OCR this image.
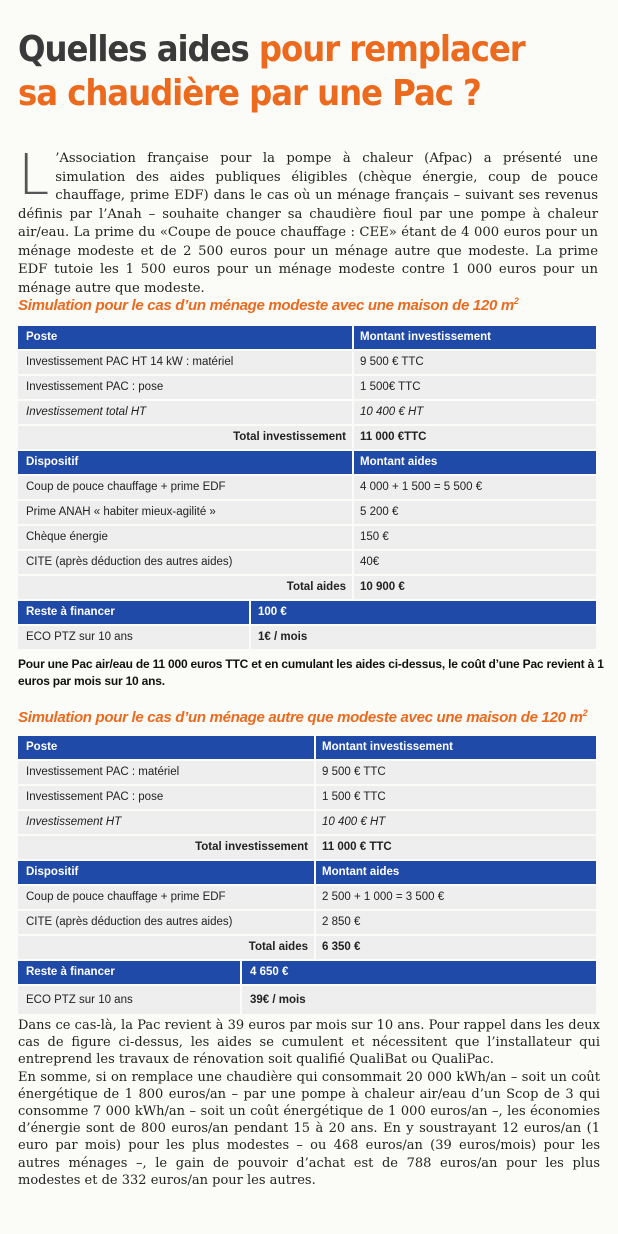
Quelles aides pour remplacer
sa chaudière par une Pac ?
L ’Association française pour la pompe à chaleur (Afpac) a présenté une simulation des aides publiques éligibles (chèque énergie, coup de pouce chauffage, prime EDF) dans le cas où un ménage français – suivant ses revenus définis par l’Anah – souhaite changer sa chaudière fioul par une pompe à chaleur air/eau. La prime du «Coupe de pouce chauffage : CEE» étant de 4 000 euros pour un ménage modeste et de 2 500 euros pour un ménage autre que modeste. La prime EDF tutoie les 1 500 euros pour un ménage modeste contre 1 000 euros pour un ménage autre que modeste.
Simulation pour le cas d’un ménage modeste avec une maison de 120 $m^2$
Poste	Montant investissement
Investissement PAC HT 14 kW : matériel	9 500 € TTC
Investissement PAC : pose	1 500€ TTC
Investissement total HT	10 400 € HT
Total investissement 11 000 €TTC
Dispositif	Montant aides
Coup de pouce chauffage + prime EDF	4 000 + 1 500 = 5 500 €
Prime ANAH « habiter mieux-agilité »	5 200 €
Chèque énergie	150 €
CITE (après déduction des autres aides)	40€
Total aides 10 900 €
Reste à financer	100 €
ECO PTZ sur 10 ans	1€ / mois
Pour une Pac air/eau de 11 000 euros TTC et en cumulant les aides ci-dessus, le coût d’une Pac revient à 1 euros par mois sur 10 ans.
Simulation pour le cas d’un ménage autre que modeste avec une maison de 120 $m^2$
Poste	Montant investissement
Investissement PAC : matériel	9 500 € TTC
Investissement PAC : pose	1 500 € TTC
Investissement HT	10 400 € HT
Total investissement 11 000 € TTC
Dispositif	Montant aides
Coup de pouce chauffage + prime EDF	2 500 + 1 000 = 3 500 €
CITE (après déduction des autres aides)	2 850 €
Total aides 6 350 €
Reste à financer	4 650 €
ECO PTZ sur 10 ans	39€ / mois

Dans ce cas-là, la Pac revient à 39 euros par mois sur 10 ans. Pour rappel dans les deux cas de figure ci-dessus, les aides se cumulent et nécessitent que l’installateur qui entreprend les travaux de rénovation soit qualifié QualiBat ou QualiPac.

En somme, si on remplace une chaudière qui consommait 20 000 kWh/an – soit un coût énergétique de 1 800 euros/an – par une pompe à chaleur air/eau d’un Scop de 3 qui consomme 7 000 kWh/an – soit un coût énergétique de 1 000 euros/an –, les économies d’énergie sont de 800 euros/an pendant 15 à 20 ans. En y soustrayant 12 euros/an (1 euro par mois) pour les plus modestes – ou 468 euros/an (39 euros/mois) pour les autres ménages –, le gain de pouvoir d’achat est de 788 euros/an pour les plus modestes et de 332 euros/an pour les autres.
